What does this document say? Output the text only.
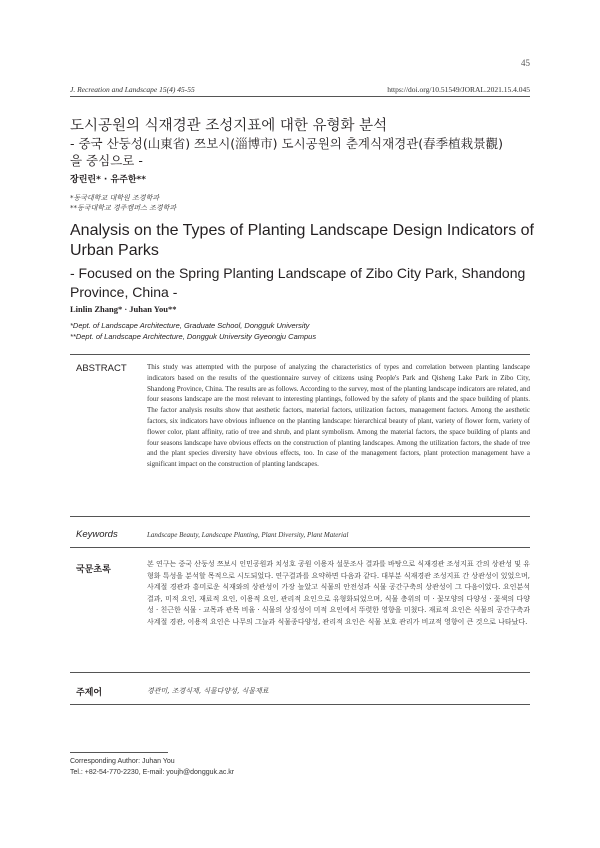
45
J. Recreation and Landscape 15(4) 45-55	https://doi.org/10.51549/JORAL.2021.15.4.045
도시공원의 식재경관 조성지표에 대한 유형화 분석
- 중국 산둥성(山東省) 쯔보시(淄博市) 도시공원의 춘계식재경관(春季植栽景觀)
을 중심으로 -
장린린* · 유주한**
*동국대학교 대학원 조경학과
**동국대학교 경주캠퍼스 조경학과
Analysis on the Types of Planting Landscape Design Indicators of Urban Parks
- Focused on the Spring Planting Landscape of Zibo City Park, Shandong Province, China -
Linlin Zhang* · Juhan You**
*Dept. of Landscape Architecture, Graduate School, Dongguk University
**Dept. of Landscape Architecture, Dongguk University Gyeongju Campus
ABSTRACT	This study was attempted with the purpose of analyzing the characteristics of types and correlation between planting landscape indicators based on the results of the questionnaire survey of citizens using People's Park and Qisheng Lake Park in Zibo City, Shandong Province, China. The results are as follows. According to the survey, most of the planting landscape indicators are related, and four seasons landscape are the most relevant to interesting plantings, followed by the safety of plants and the space building of plants. The factor analysis results show that aesthetic factors, material factors, utilization factors, management factors. Among the aesthetic factors, six indicators have obvious influence on the planting landscape: hierarchical beauty of plant, variety of flower form, variety of flower color, plant affinity, ratio of tree and shrub, and plant symbolism. Among the material factors, the space building of plants and four seasons landscape have obvious effects on the construction of planting landscapes. Among the utilization factors, the shade of tree and the plant species diversity have obvious effects, too. In case of the management factors, plant protection management have a significant impact on the construction of planting landscapes.
Keywords	Landscape Beauty, Landscape Planting, Plant Diversity, Plant Material
국문초록
본 연구는 중국 산둥성 쯔보시 인민공원과 치성호 공원 이용자 설문조사 결과를 바탕으로 식재경관 조성지표 간의 상관성 및 유형화 특성을 분석할 목적으로 시도되었다. 연구결과를 요약하면 다음과 같다. 대부분 식재경관 조성지표 간 상관성이 있었으며, 사계절 경관과 흥미로운 식재와의 상관성이 가장 높았고 식물의 안전성과 식물 공간구축의 상관성이 그 다음이었다. 요인분석 결과, 미적 요인, 재료적 요인, 이용적 요인, 관리적 요인으로 유형화되었으며, 식물 층위의 미 · 꽃모양의 다양성 · 꽃색의 다양성 · 친근한 식물 · 교목과 관목 비율 · 식물의 상징성이 미적 요인에서 뚜렷한 영향을 미쳤다. 재료적 요인은 식물의 공간구축과 사계절 경관, 이용적 요인은 나무의 그늘과 식물종다양성, 관리적 요인은 식물 보호 관리가 비교적 영향이 큰 것으로 나타났다.
주제어	경관미, 조경식재, 식물다양성, 식물재료
Corresponding Author: Juhan You
Tel.: +82-54-770-2230, E-mail: youjh@dongguk.ac.kr
